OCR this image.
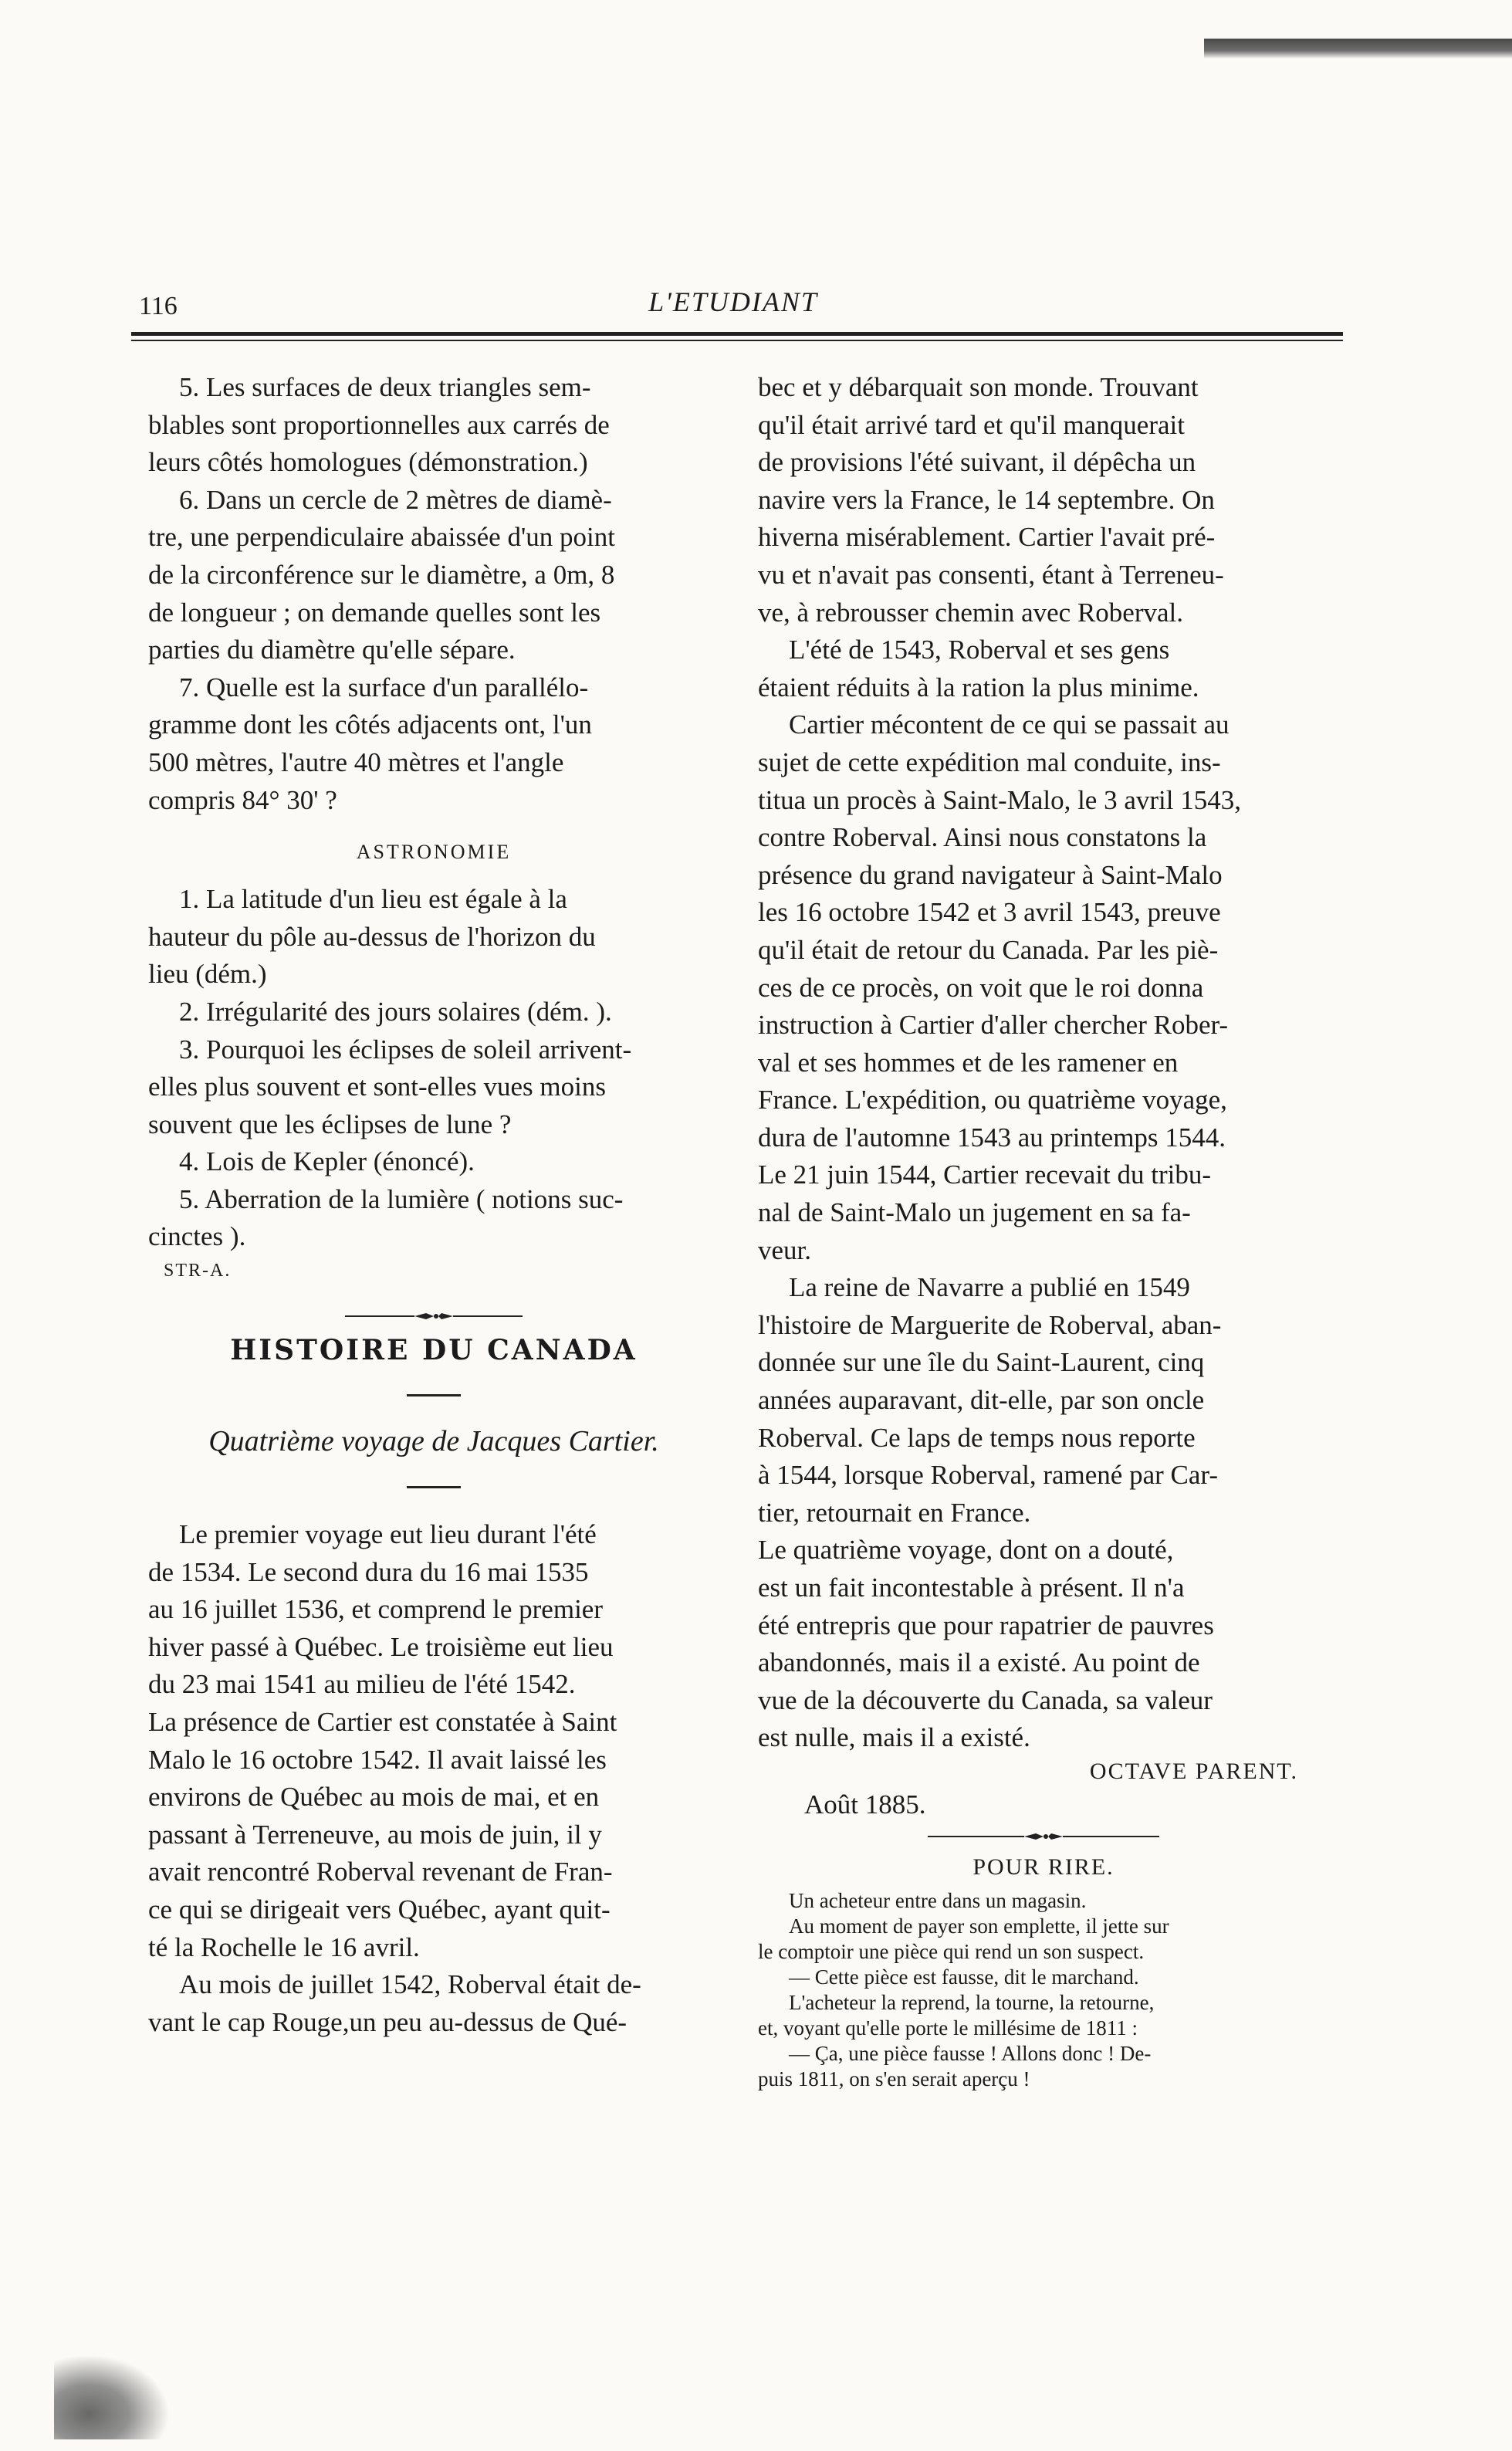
116	L'ETUDIANT

5. Les surfaces de deux triangles sem-
blables sont proportionnelles aux carrés de
leurs côtés homologues (démonstration.)

6. Dans un cercle de 2 mètres de diamè-
tre, une perpendiculaire abaissée d'un point
de la circonférence sur le diamètre, a 0m, 8
de longueur ; on demande quelles sont les
parties du diamètre qu'elle sépare.

7. Quelle est la surface d'un parallélo-
gramme dont les côtés adjacents ont, l'un
500 mètres, l'autre 40 mètres et l'angle
compris 84° 30' ?

ASTRONOMIE

1. La latitude d'un lieu est égale à la
hauteur du pôle au-dessus de l'horizon du
lieu (dém.)

2. Irrégularité des jours solaires (dém. ).

3. Pourquoi les éclipses de soleil arrivent-
elles plus souvent et sont-elles vues moins
souvent que les éclipses de lune ?

4. Lois de Kepler (énoncé).

5. Aberration de la lumière ( notions suc-
cinctes ).

STR-A.
HISTOIRE DU CANADA
Quatrième voyage de Jacques Cartier.

Le premier voyage eut lieu durant l'été
de 1534. Le second dura du 16 mai 1535
au 16 juillet 1536, et comprend le premier
hiver passé à Québec. Le troisième eut lieu
du 23 mai 1541 au milieu de l'été 1542.
La présence de Cartier est constatée à Saint
Malo le 16 octobre 1542. Il avait laissé les
environs de Québec au mois de mai, et en
passant à Terreneuve, au mois de juin, il y
avait rencontré Roberval revenant de Fran-
ce qui se dirigeait vers Québec, ayant quit-
té la Rochelle le 16 avril.

Au mois de juillet 1542, Roberval était de-
vant le cap Rouge,un peu au-dessus de Qué-

bec et y débarquait son monde. Trouvant
qu'il était arrivé tard et qu'il manquerait
de provisions l'été suivant, il dépêcha un
navire vers la France, le 14 septembre. On
hiverna misérablement. Cartier l'avait pré-
vu et n'avait pas consenti, étant à Terreneu-
ve, à rebrousser chemin avec Roberval.

L'été de 1543, Roberval et ses gens
étaient réduits à la ration la plus minime.

Cartier mécontent de ce qui se passait au
sujet de cette expédition mal conduite, ins-
titua un procès à Saint-Malo, le 3 avril 1543,
contre Roberval. Ainsi nous constatons la
présence du grand navigateur à Saint-Malo
les 16 octobre 1542 et 3 avril 1543, preuve
qu'il était de retour du Canada. Par les piè-
ces de ce procès, on voit que le roi donna
instruction à Cartier d'aller chercher Rober-
val et ses hommes et de les ramener en
France. L'expédition, ou quatrième voyage,
dura de l'automne 1543 au printemps 1544.
Le 21 juin 1544, Cartier recevait du tribu-
nal de Saint-Malo un jugement en sa fa-
veur.

La reine de Navarre a publié en 1549
l'histoire de Marguerite de Roberval, aban-
donnée sur une île du Saint-Laurent, cinq
années auparavant, dit-elle, par son oncle
Roberval. Ce laps de temps nous reporte
à 1544, lorsque Roberval, ramené par Car-
tier, retournait en France.

Le quatrième voyage, dont on a douté,
est un fait incontestable à présent. Il n'a
été entrepris que pour rapatrier de pauvres
abandonnés, mais il a existé. Au point de
vue de la découverte du Canada, sa valeur
est nulle, mais il a existé.

OCTAVE PARENT.
Août 1885.
POUR RIRE.

Un acheteur entre dans un magasin.

Au moment de payer son emplette, il jette sur
le comptoir une pièce qui rend un son suspect.

— Cette pièce est fausse, dit le marchand.

L'acheteur la reprend, la tourne, la retourne,
et, voyant qu'elle porte le millésime de 1811 :

— Ça, une pièce fausse ! Allons donc ! De-
puis 1811, on s'en serait aperçu !
